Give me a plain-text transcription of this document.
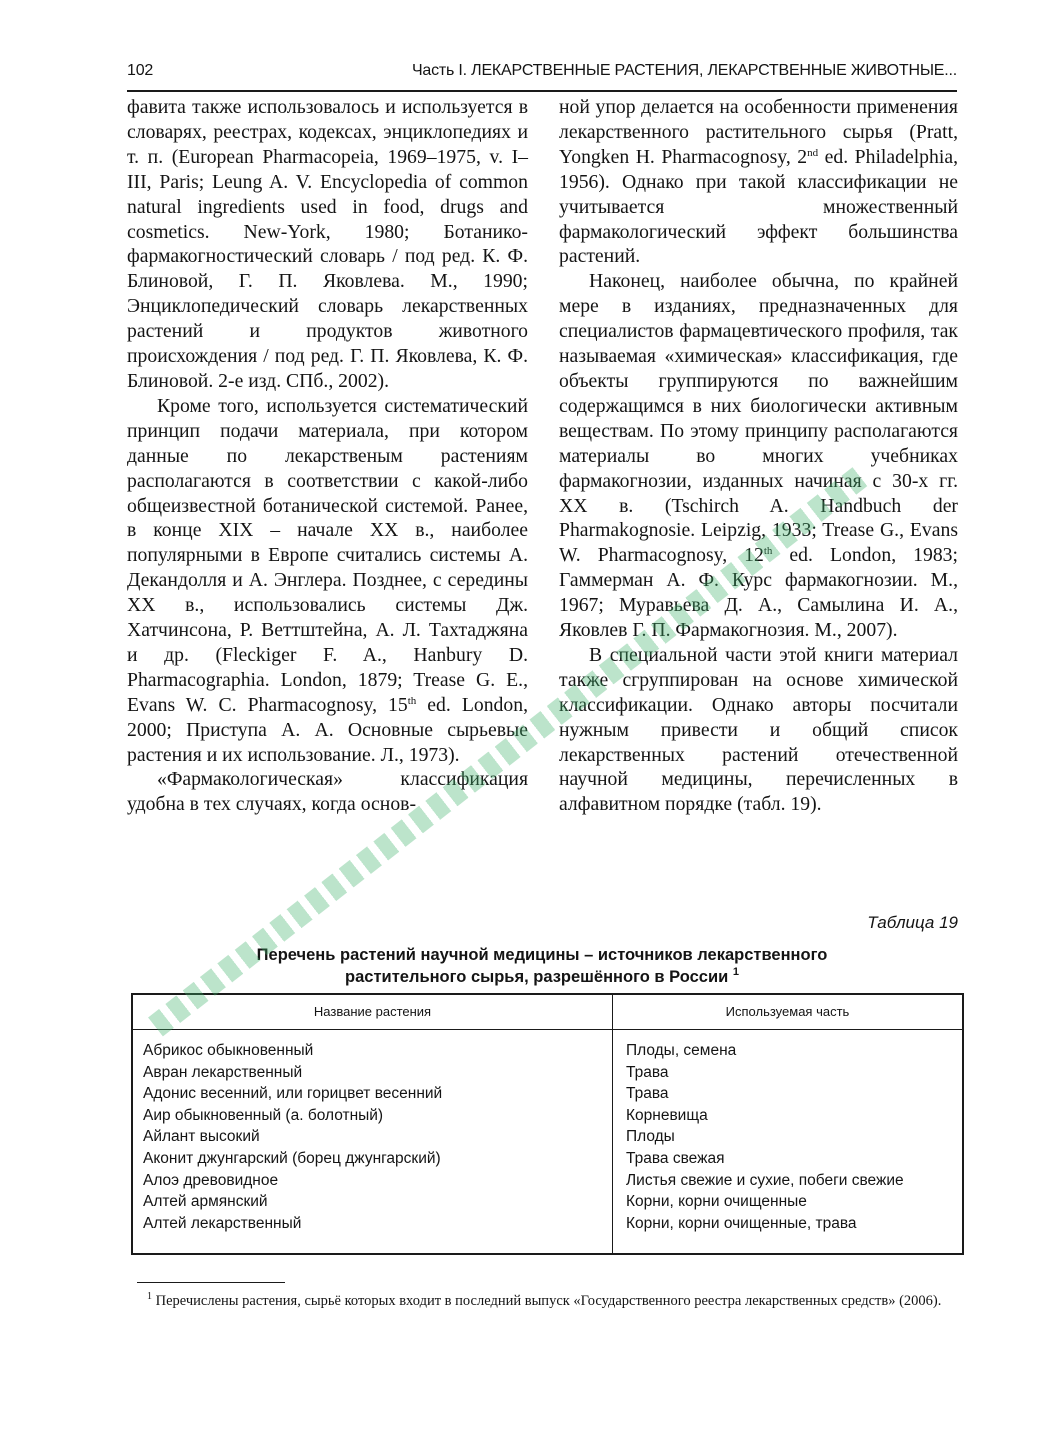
102	Часть I. ЛЕКАРСТВЕННЫЕ РАСТЕНИЯ, ЛЕКАРСТВЕННЫЕ ЖИВОТНЫЕ...

фавита также использовалось и используется в словарях, реестрах, кодексах, энциклопедиях и т. п. (European Pharmacopeia, 1969–1975, v. I–III, Paris; Leung A. V. Encyclopedia of common natural ingredients used in food, drugs and cosmetics. New-York, 1980; Ботанико-фармакогностический словарь / под ред. К. Ф. Блиновой, Г. П. Яковлева. М., 1990; Энциклопедический словарь лекарственных растений и продуктов животного происхождения / под ред. Г. П. Яковлева, К. Ф. Блиновой. 2-е изд. СПб., 2002).

Кроме того, используется систематический принцип подачи материала, при котором данные по лекарственым растениям располагаются в соответствии с какой-либо общеизвестной ботанической системой. Ранее, в конце XIX – начале XX в., наиболее популярными в Европе считались системы А. Декандолля и А. Энглера. Позднее, с середины XX в., использовались системы Дж. Хатчинсона, Р. Веттштейна, А. Л. Тахтаджяна и др. (Fleckiger F. A., Hanbury D. Pharmacographia. London, 1879; Trease G. E., Evans W. C. Pharmacognosy, 15th ed. London, 2000; Приступа А. А. Основные сырьевые растения и их использование. Л., 1973).

«Фармакологическая» классификация удобна в тех случаях, когда основ-

ной упор делается на особенности применения лекарственного растительного сырья (Pratt, Yongken H. Pharmacognosy, 2nd ed. Philadelphia, 1956). Однако при такой классификации не учитывается множественный фармакологический эффект большинства растений.

Наконец, наиболее обычна, по крайней мере в изданиях, предназначенных для специалистов фармацевтического профиля, так называемая «химическая» классификация, где объекты группируются по важнейшим содержащимся в них биологически активным веществам. По этому принципу располагаются материалы во многих учебниках фармакогнозии, изданных начиная с 30-х гг. XX в. (Tschirch A. Handbuch der Pharmakognosie. Leipzig, 1933; Trease G., Evans W. Pharmacognosy, 12th ed. London, 1983; Гаммерман А. Ф. Курс фармакогнозии. М., 1967; Муравьева Д. А., Самылина И. А., Яковлев Г. П. Фармакогнозия. М., 2007).

В специальной части этой книги материал также сгруппирован на основе химической классификации. Однако авторы посчитали нужным привести и общий список лекарственных растений отечественной научной медицины, перечисленных в алфавитном порядке (табл. 19).

Таблица 19
Перечень растений научной медицины – источников лекарственного
растительного сырья, разрешённого в России $^1$
Название растения	Используемая часть
Абрикос обыкновенный	Плоды, семена
Авран лекарственный	Трава
Адонис весенний, или горицвет весенний	Трава
Аир обыкновенный (а. болотный)	Корневища
Айлант высокий	Плоды
Аконит джунгарский (борец джунгарский)	Трава свежая
Алоэ древовидное	Листья свежие и сухие, побеги свежие
Алтей армянский	Корни, корни очищенные
Алтей лекарственный	Корни, корни очищенные, трава
$^1$ Перечислены растения, сырьё которых входит в последний выпуск «Государственного реестра лекарственных средств» (2006).
